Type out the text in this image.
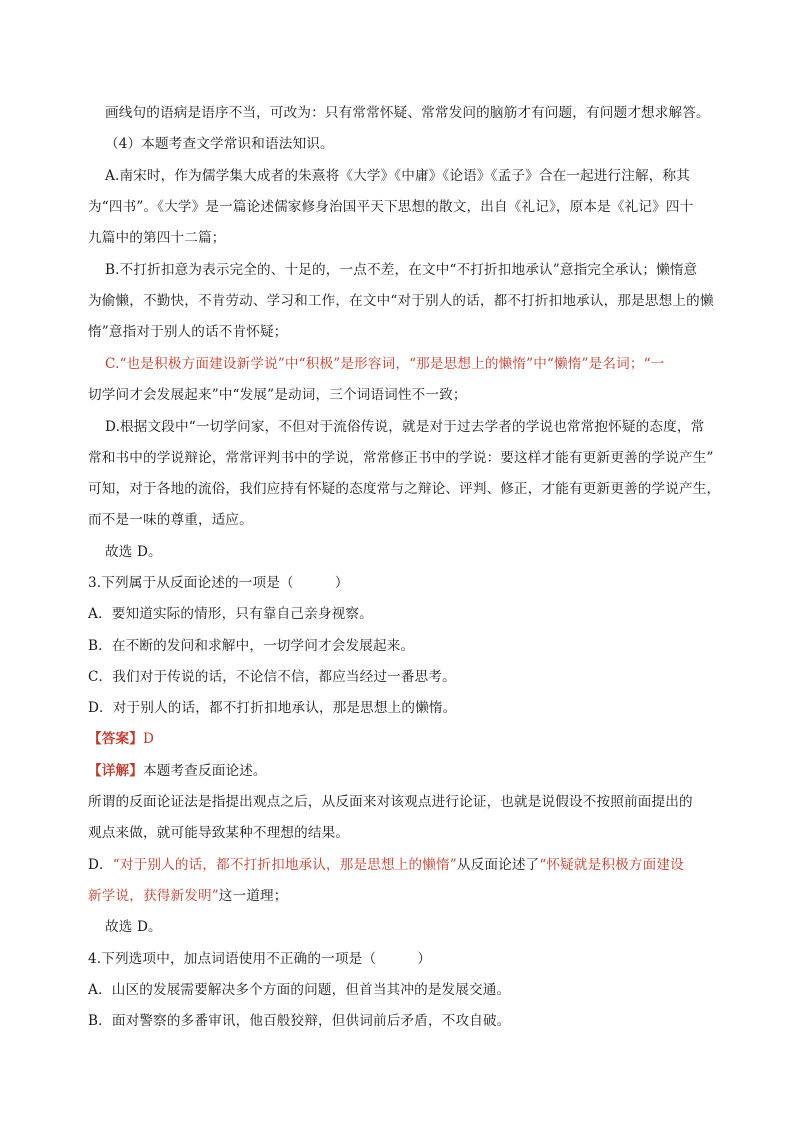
画线句的语病是语序不当，可改为：只有常常怀疑、常常发问的脑筋才有问题，有问题才想求解答。
（4）本题考查文学常识和语法知识。
A.南宋时，作为儒学集大成者的朱熹将《大学》《中庸》《论语》《孟子》合在一起进行注解，称其
为“四书”。《大学》是一篇论述儒家修身治国平天下思想的散文，出自《礼记》，原本是《礼记》四十
九篇中的第四十二篇；
B.不打折扣意为表示完全的、十足的，一点不差，在文中“不打折扣地承认”意指完全承认；懒惰意
为偷懒，不勤快，不肯劳动、学习和工作，在文中“对于别人的话，都不打折扣地承认，那是思想上的懒
惰”意指对于别人的话不肯怀疑；
C.“也是积极方面建设新学说”中“积极”是形容词，“那是思想上的懒惰”中“懒惰”是名词；“一
切学问才会发展起来”中“发展”是动词，三个词语词性不一致；
D.根据文段中“一切学问家，不但对于流俗传说，就是对于过去学者的学说也常常抱怀疑的态度，常
常和书中的学说辩论，常常评判书中的学说，常常修正书中的学说：要这样才能有更新更善的学说产生”
可知，对于各地的流俗，我们应持有怀疑的态度常与之辩论、评判、修正，才能有更新更善的学说产生，
而不是一味的尊重，适应。
故选 D。
3.下列属于从反面论述的一项是（　　　）
A．要知道实际的情形，只有靠自己亲身视察。
B．在不断的发问和求解中，一切学问才会发展起来。
C．我们对于传说的话，不论信不信，都应当经过一番思考。
D．对于别人的话，都不打折扣地承认，那是思想上的懒惰。
【答案】D
【详解】本题考查反面论述。
所谓的反面论证法是指提出观点之后，从反面来对该观点进行论证，也就是说假设不按照前面提出的
观点来做，就可能导致某种不理想的结果。
D．“对于别人的话，都不打折扣地承认，那是思想上的懒惰”从反面论述了“怀疑就是积极方面建设
新学说，获得新发明”这一道理；
故选 D。
4.下列选项中，加点词语使用不正确的一项是（　　　）
A．山区的发展需要解决多个方面的问题，但首当其冲的是发展交通。
B．面对警察的多番审讯，他百般狡辩，但供词前后矛盾，不攻自破。
